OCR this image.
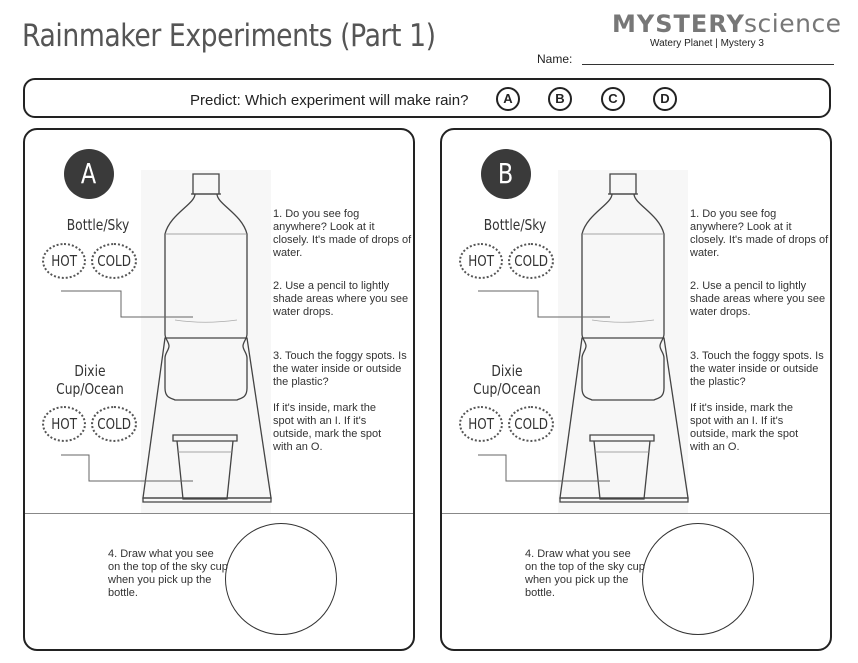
Rainmaker Experiments (Part 1)	MYSTERY science
Watery Planet | Mystery 3
Name:
Predict: Which experiment will make rain?	A	B	C	D
A
Bottle/Sky
HOT	COLD
Dixie
Cup/Ocean
HOT	COLD
1. Do you see fog anywhere? Look at it closely. It's made of drops of water.
2. Use a pencil to lightly shade areas where you see water drops.
3. Touch the foggy spots. Is the water inside or outside the plastic?
If it's inside, mark the spot with an I. If it's outside, mark the spot with an O.
4. Draw what you see on the top of the sky cup when you pick up the bottle.
B
Bottle/Sky
HOT	COLD
Dixie
Cup/Ocean
HOT	COLD
1. Do you see fog anywhere? Look at it closely. It's made of drops of water.
2. Use a pencil to lightly shade areas where you see water drops.
3. Touch the foggy spots. Is the water inside or outside the plastic?
If it's inside, mark the spot with an I. If it's outside, mark the spot with an O.
4. Draw what you see on the top of the sky cup when you pick up the bottle.
